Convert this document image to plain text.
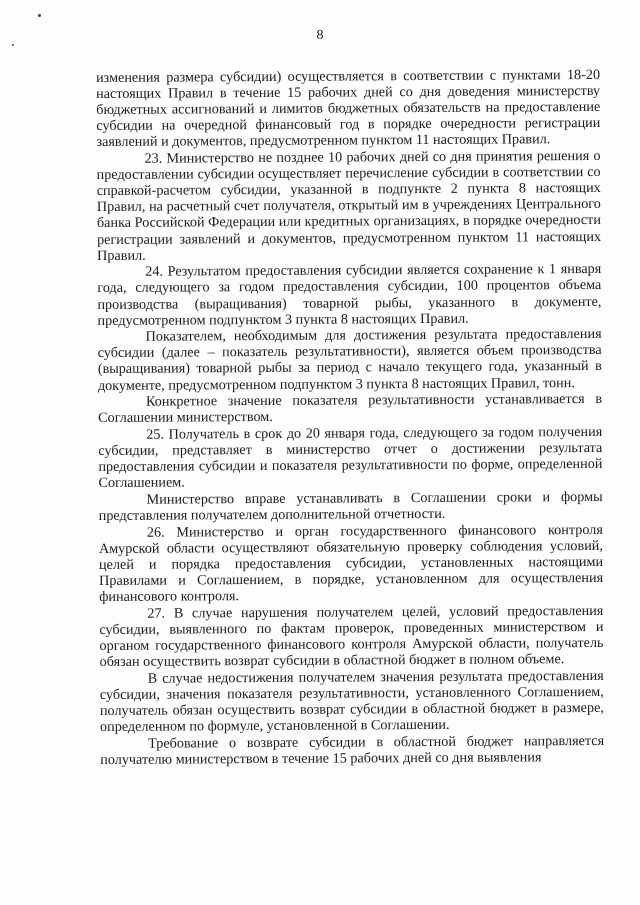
8

изменения размера субсидии) осуществляется в соответствии с пунктами 18-20 настоящих Правил в течение 15 рабочих дней со дня доведения министерству бюджетных ассигнований и лимитов бюджетных обязательств на предоставление субсидии на очередной финансовый год в порядке очередности регистрации заявлений и документов, предусмотренном пунктом 11 настоящих Правил.

23. Министерство не позднее 10 рабочих дней со дня принятия решения о предоставлении субсидии осуществляет перечисление субсидии в соответствии со справкой-расчетом субсидии, указанной в подпункте 2 пункта 8 настоящих Правил, на расчетный счет получателя, открытый им в учреждениях Центрального банка Российской Федерации или кредитных организациях, в порядке очередности регистрации заявлений и документов, предусмотренном пунктом 11 настоящих Правил.

24. Результатом предоставления субсидии является сохранение к 1 января года, следующего за годом предоставления субсидии, 100 процентов объема производства (выращивания) товарной рыбы, указанного в документе, предусмотренном подпунктом 3 пункта 8 настоящих Правил.

Показателем, необходимым для достижения результата предоставления субсидии (далее – показатель результативности), является объем производства (выращивания) товарной рыбы за период с начало текущего года, указанный в документе, предусмотренном подпунктом 3 пункта 8 настоящих Правил, тонн.

Конкретное значение показателя результативности устанавливается в Соглашении министерством.

25. Получатель в срок до 20 января года, следующего за годом получения субсидии, представляет в министерство отчет о достижении результата предоставления субсидии и показателя результативности по форме, определенной Соглашением.

Министерство вправе устанавливать в Соглашении сроки и формы представления получателем дополнительной отчетности.

26. Министерство и орган государственного финансового контроля Амурской области осуществляют обязательную проверку соблюдения условий, целей и порядка предоставления субсидии, установленных настоящими Правилами и Соглашением, в порядке, установленном для осуществления финансового контроля.

27. В случае нарушения получателем целей, условий предоставления субсидии, выявленного по фактам проверок, проведенных министерством и органом государственного финансового контроля Амурской области, получатель обязан осуществить возврат субсидии в областной бюджет в полном объеме.

В случае недостижения получателем значения результата предоставления субсидии, значения показателя результативности, установленного Соглашением, получатель обязан осуществить возврат субсидии в областной бюджет в размере, определенном по формуле, установленной в Соглашении.

Требование о возврате субсидии в областной бюджет направляется получателю министерством в течение 15 рабочих дней со дня выявления
